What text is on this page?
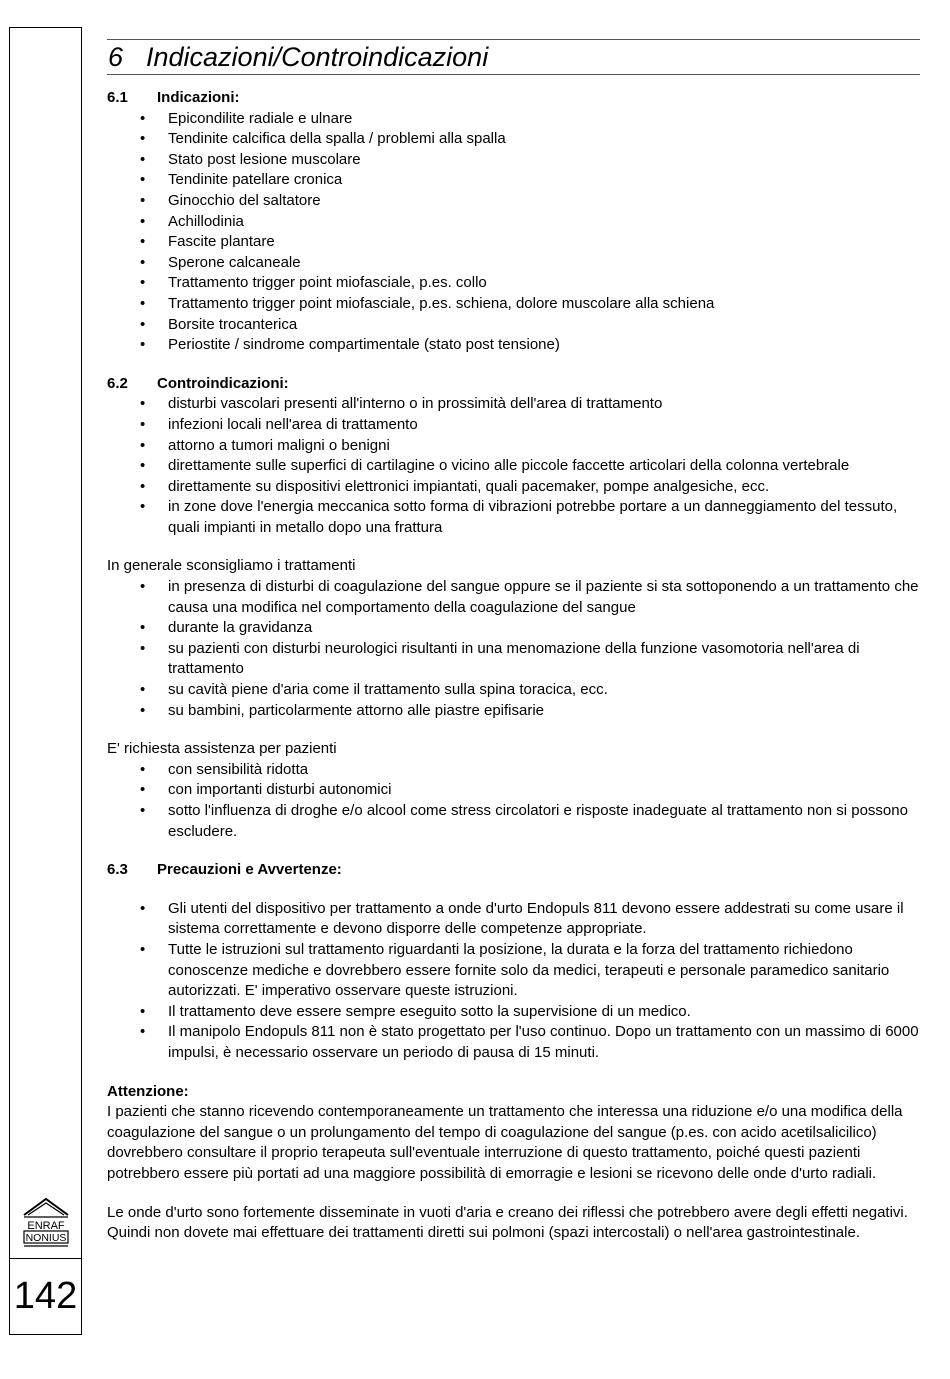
ENRAF
NONIUS
142
6 Indicazioni/Controindicazioni

6.1 Indicazioni:

• Epicondilite radiale e ulnare
• Tendinite calcifica della spalla / problemi alla spalla
• Stato post lesione muscolare
• Tendinite patellare cronica
• Ginocchio del saltatore
• Achillodinia
• Fascite plantare
• Sperone calcaneale
• Trattamento trigger point miofasciale, p.es. collo
• Trattamento trigger point miofasciale, p.es. schiena, dolore muscolare alla schiena
• Borsite trocanterica
• Periostite / sindrome compartimentale (stato post tensione)

6.2 Controindicazioni:

• disturbi vascolari presenti all'interno o in prossimità dell'area di trattamento
• infezioni locali nell'area di trattamento
• attorno a tumori maligni o benigni
• direttamente sulle superfici di cartilagine o vicino alle piccole faccette articolari della colonna vertebrale
• direttamente su dispositivi elettronici impiantati, quali pacemaker, pompe analgesiche, ecc.
• in zone dove l'energia meccanica sotto forma di vibrazioni potrebbe portare a un danneggiamento del tessuto, quali impianti in metallo dopo una frattura

In generale sconsigliamo i trattamenti

• in presenza di disturbi di coagulazione del sangue oppure se il paziente si sta sottoponendo a un trattamento che causa una modifica nel comportamento della coagulazione del sangue
• durante la gravidanza
• su pazienti con disturbi neurologici risultanti in una menomazione della funzione vasomotoria nell'area di trattamento
• su cavità piene d'aria come il trattamento sulla spina toracica, ecc.
• su bambini, particolarmente attorno alle piastre epifisarie

E' richiesta assistenza per pazienti

• con sensibilità ridotta
• con importanti disturbi autonomici
• sotto l'influenza di droghe e/o alcool come stress circolatori e risposte inadeguate al trattamento non si possono escludere.

6.3 Precauzioni e Avvertenze:

• Gli utenti del dispositivo per trattamento a onde d'urto Endopuls 811 devono essere addestrati su come usare il sistema correttamente e devono disporre delle competenze appropriate.
• Tutte le istruzioni sul trattamento riguardanti la posizione, la durata e la forza del trattamento richiedono conoscenze mediche e dovrebbero essere fornite solo da medici, terapeuti e personale paramedico sanitario autorizzati. E' imperativo osservare queste istruzioni.
• Il trattamento deve essere sempre eseguito sotto la supervisione di un medico.
• Il manipolo Endopuls 811 non è stato progettato per l'uso continuo. Dopo un trattamento con un massimo di 6000 impulsi, è necessario osservare un periodo di pausa di 15 minuti.

Attenzione:

I pazienti che stanno ricevendo contemporaneamente un trattamento che interessa una riduzione e/o una modifica della coagulazione del sangue o un prolungamento del tempo di coagulazione del sangue (p.es. con acido acetilsalicilico) dovrebbero consultare il proprio terapeuta sull'eventuale interruzione di questo trattamento, poiché questi pazienti potrebbero essere più portati ad una maggiore possibilità di emorragie e lesioni se ricevono delle onde d'urto radiali.

Le onde d'urto sono fortemente disseminate in vuoti d'aria e creano dei riflessi che potrebbero avere degli effetti negativi. Quindi non dovete mai effettuare dei trattamenti diretti sui polmoni (spazi intercostali) o nell'area gastrointestinale.
